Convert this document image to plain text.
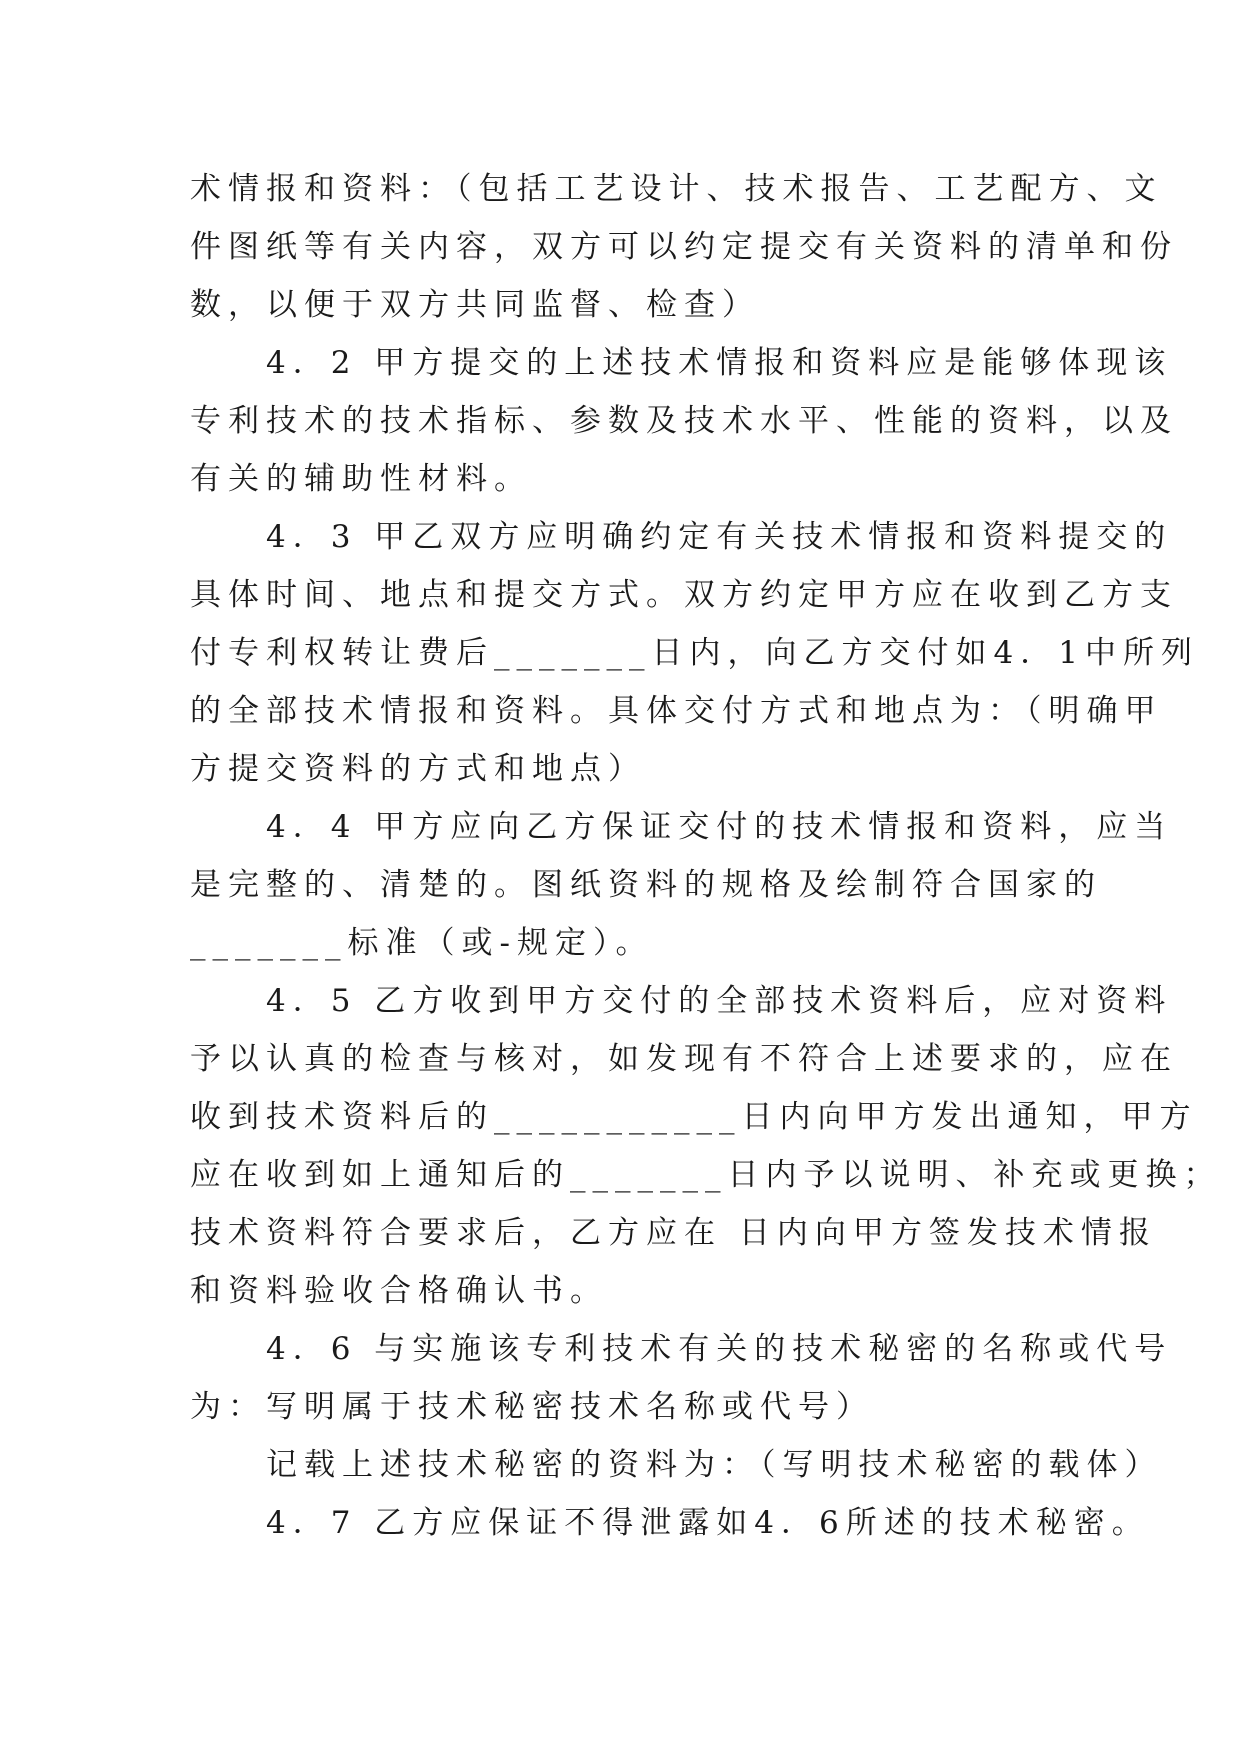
术情报和资料：（包括工艺设计、技术报告、工艺配方、文
件图纸等有关内容，双方可以约定提交有关资料的清单和份
数，以便于双方共同监督、检查）
　　4．2 甲方提交的上述技术情报和资料应是能够体现该
专利技术的技术指标、参数及技术水平、性能的资料，以及
有关的辅助性材料。
　　4．3 甲乙双方应明确约定有关技术情报和资料提交的
具体时间、地点和提交方式。双方约定甲方应在收到乙方支
付专利权转让费后_______日内，向乙方交付如4．1中所列
的全部技术情报和资料。具体交付方式和地点为：（明确甲
方提交资料的方式和地点）
　　4．4 甲方应向乙方保证交付的技术情报和资料，应当
是完整的、清楚的。图纸资料的规格及绘制符合国家的
_______标准（或-规定）。
　　4．5 乙方收到甲方交付的全部技术资料后，应对资料
予以认真的检查与核对，如发现有不符合上述要求的，应在
收到技术资料后的___________日内向甲方发出通知，甲方
应在收到如上通知后的_______日内予以说明、补充或更换；
技术资料符合要求后，乙方应在 日内向甲方签发技术情报
和资料验收合格确认书。
　　4．6 与实施该专利技术有关的技术秘密的名称或代号
为：写明属于技术秘密技术名称或代号）
　　记载上述技术秘密的资料为：（写明技术秘密的载体）
　　4．7 乙方应保证不得泄露如4．6所述的技术秘密。
